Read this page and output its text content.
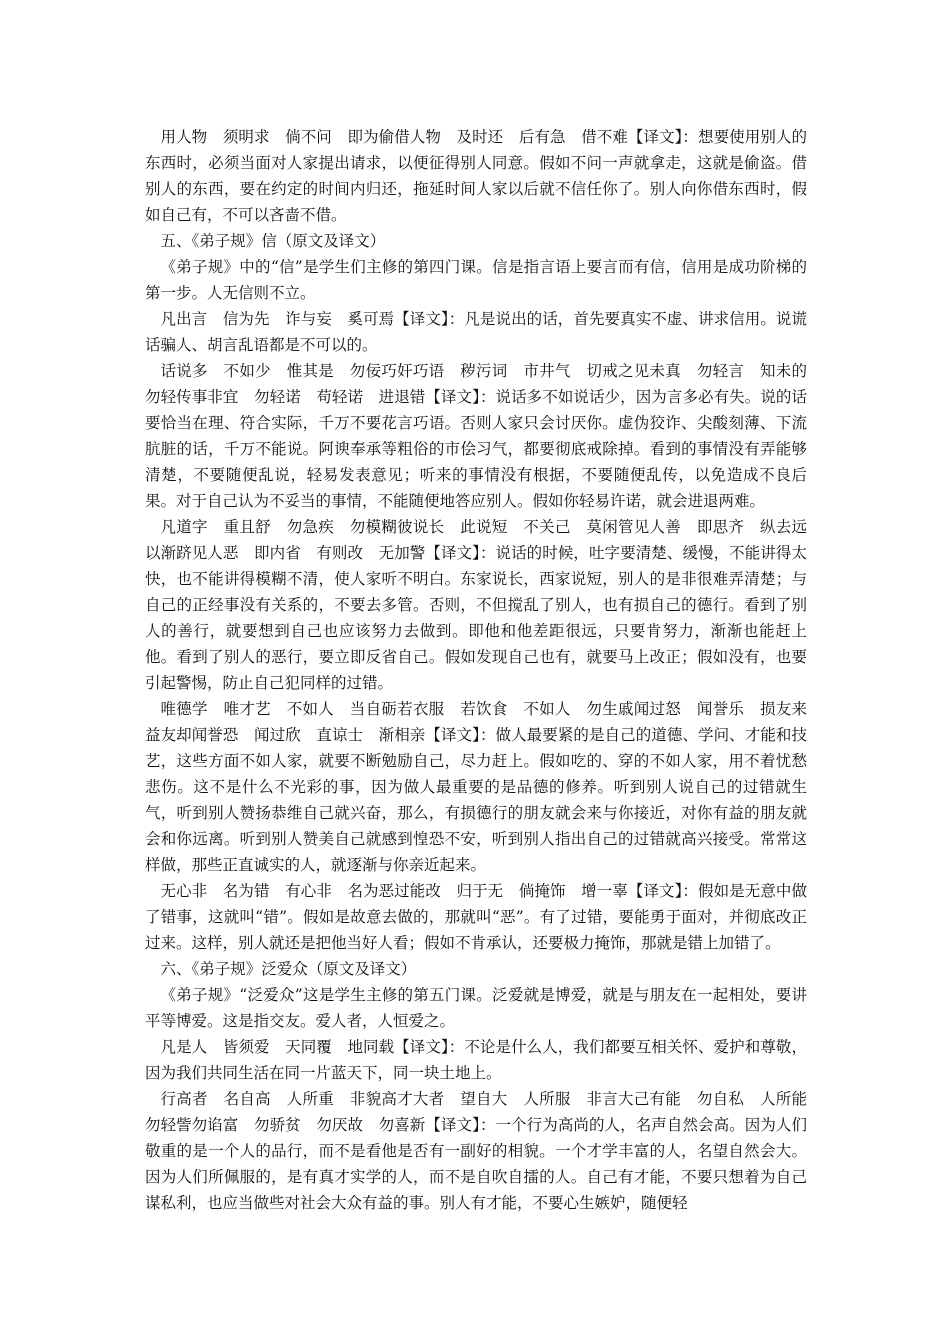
用人物　须明求　倘不问　即为偷借人物　及时还　后有急　借不难【译文】：想要使用别人的东西时，必须当面对人家提出请求，以便征得别人同意。假如不问一声就拿走，这就是偷盗。借别人的东西，要在约定的时间内归还，拖延时间人家以后就不信任你了。别人向你借东西时，假如自己有，不可以吝啬不借。

五、《弟子规》信（原文及译文）

《弟子规》中的“信”是学生们主修的第四门课。信是指言语上要言而有信，信用是成功阶梯的第一步。人无信则不立。

凡出言　信为先　诈与妄　奚可焉【译文】：凡是说出的话，首先要真实不虚、讲求信用。说谎话骗人、胡言乱语都是不可以的。

话说多　不如少　惟其是　勿佞巧奸巧语　秽污词　市井气　切戒之见未真　勿轻言　知未的　勿轻传事非宜　勿轻诺　苟轻诺　进退错【译文】：说话多不如说话少，因为言多必有失。说的话要恰当在理、符合实际，千万不要花言巧语。否则人家只会讨厌你。虚伪狡诈、尖酸刻薄、下流肮脏的话，千万不能说。阿谀奉承等粗俗的市侩习气，都要彻底戒除掉。看到的事情没有弄能够清楚，不要随便乱说，轻易发表意见；听来的事情没有根据，不要随便乱传，以免造成不良后果。对于自己认为不妥当的事情，不能随便地答应别人。假如你轻易许诺，就会进退两难。

凡道字　重且舒　勿急疾　勿模糊彼说长　此说短　不关己　莫闲管见人善　即思齐　纵去远　以渐跻见人恶　即内省　有则改　无加警【译文】：说话的时候，吐字要清楚、缓慢，不能讲得太快，也不能讲得模糊不清，使人家听不明白。东家说长，西家说短，别人的是非很难弄清楚；与自己的正经事没有关系的，不要去多管。否则，不但搅乱了别人，也有损自己的德行。看到了别人的善行，就要想到自己也应该努力去做到。即他和他差距很远，只要肯努力，渐渐也能赶上他。看到了别人的恶行，要立即反省自己。假如发现自己也有，就要马上改正；假如没有，也要引起警惕，防止自己犯同样的过错。

唯德学　唯才艺　不如人　当自砺若衣服　若饮食　不如人　勿生戚闻过怒　闻誉乐　损友来　益友却闻誉恐　闻过欣　直谅士　渐相亲【译文】：做人最要紧的是自己的道德、学问、才能和技艺，这些方面不如人家，就要不断勉励自己，尽力赶上。假如吃的、穿的不如人家，用不着忧愁悲伤。这不是什么不光彩的事，因为做人最重要的是品德的修养。听到别人说自己的过错就生气，听到别人赞扬恭维自己就兴奋，那么，有损德行的朋友就会来与你接近，对你有益的朋友就会和你远离。听到别人赞美自己就感到惶恐不安，听到别人指出自己的过错就高兴接受。常常这样做，那些正直诚实的人，就逐渐与你亲近起来。

无心非　名为错　有心非　名为恶过能改　归于无　倘掩饰　增一辜【译文】：假如是无意中做了错事，这就叫“错”。假如是故意去做的，那就叫“恶”。有了过错，要能勇于面对，并彻底改正过来。这样，别人就还是把他当好人看；假如不肯承认，还要极力掩饰，那就是错上加错了。

六、《弟子规》泛爱众（原文及译文）

《弟子规》“泛爱众”这是学生主修的第五门课。泛爱就是博爱，就是与朋友在一起相处，要讲平等博爱。这是指交友。爱人者，人恒爱之。

凡是人　皆须爱　天同覆　地同载【译文】：不论是什么人，我们都要互相关怀、爱护和尊敬，因为我们共同生活在同一片蓝天下，同一块土地上。

行高者　名自高　人所重　非貌高才大者　望自大　人所服　非言大己有能　勿自私　人所能　勿轻訾勿谄富　勿骄贫　勿厌故　勿喜新【译文】：一个行为高尚的人，名声自然会高。因为人们敬重的是一个人的品行，而不是看他是否有一副好的相貌。一个才学丰富的人，名望自然会大。因为人们所佩服的，是有真才实学的人，而不是自吹自擂的人。自己有才能，不要只想着为自己谋私利，也应当做些对社会大众有益的事。别人有才能，不要心生嫉妒，随便轻
